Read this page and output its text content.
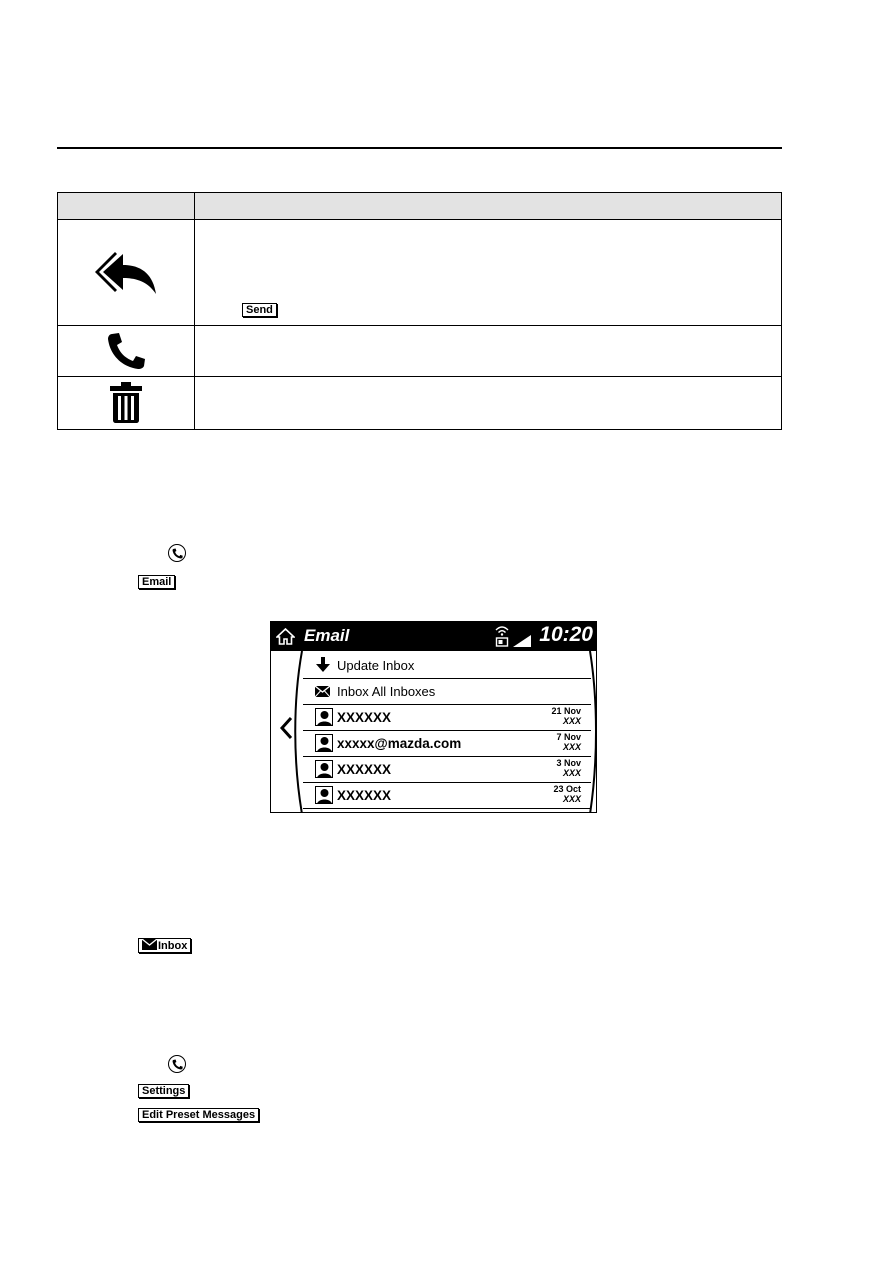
Send
Email
Email	10:20
Update Inbox
Inbox All Inboxes
XXXXXX	21 Nov
XXX
xxxxx@mazda.com	7 Nov
XXX
XXXXXX	3 Nov
XXX
XXXXXX	23 Oct
XXX
Inbox
Settings
Edit Preset Messages
